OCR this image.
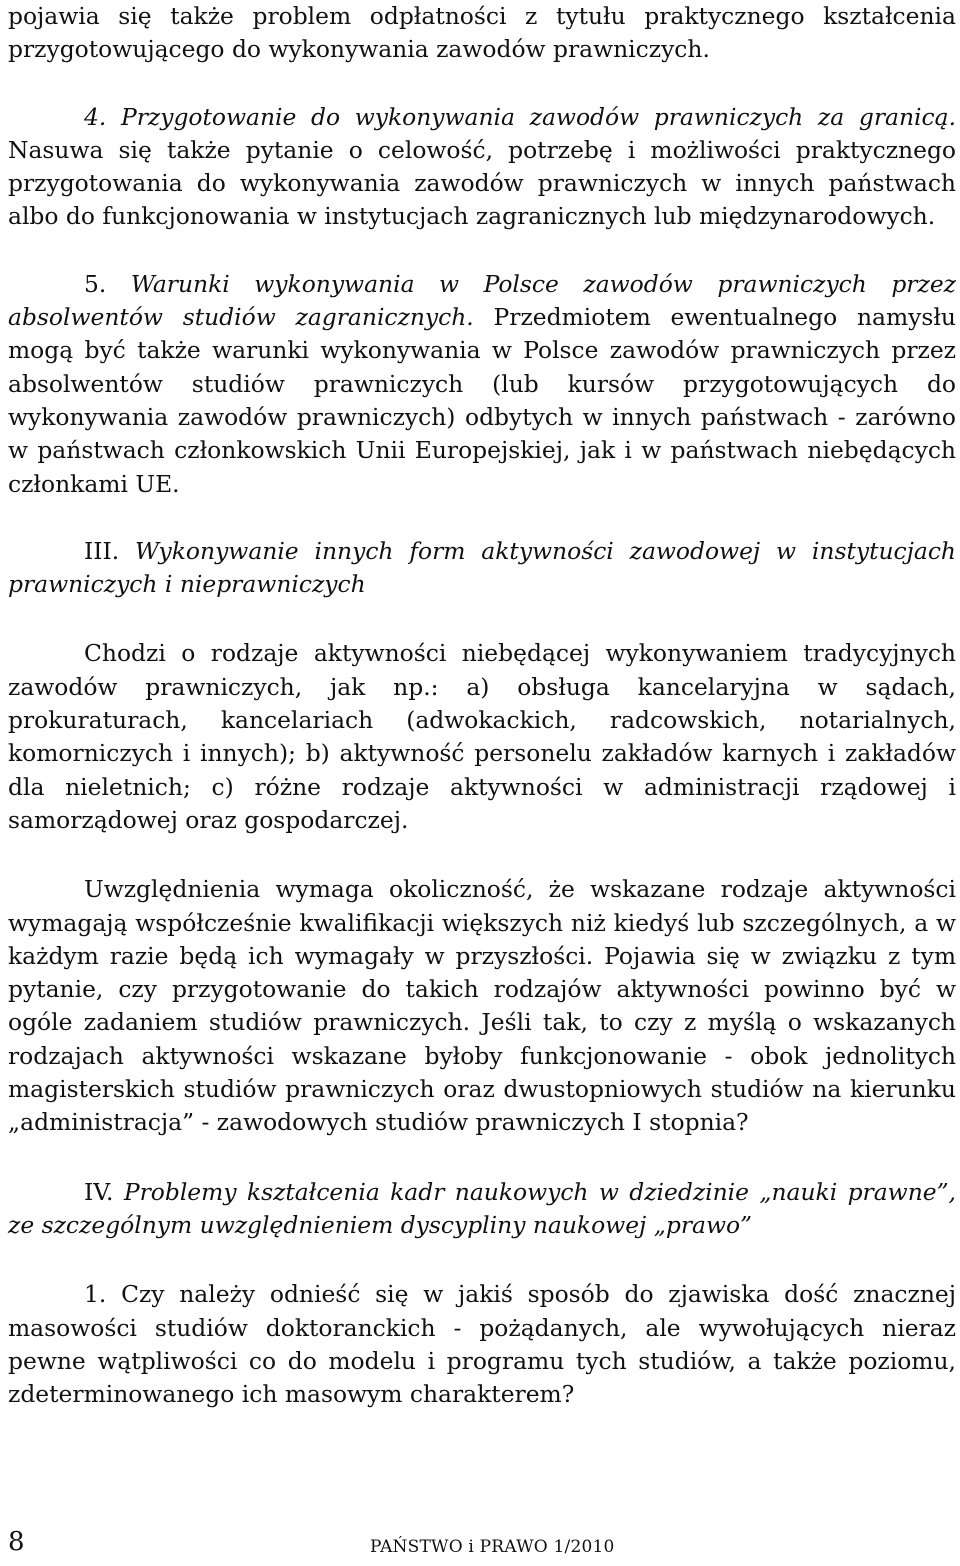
pojawia się także problem odpłatności z tytułu praktycznego kształcenia przygotowującego do wykonywania zawodów prawniczych.

4. Przygotowanie do wykonywania zawodów prawniczych za granicą. Nasuwa się także pytanie o celowość, potrzebę i możliwości praktycznego przygotowania do wykonywania zawodów prawniczych w innych państwach albo do funkcjonowania w instytucjach zagranicznych lub międzynarodowych.

5. Warunki wykonywania w Polsce zawodów prawniczych przez absolwentów studiów zagranicznych. Przedmiotem ewentualnego namysłu mogą być także warunki wykonywania w Polsce zawodów prawniczych przez absolwentów studiów prawniczych (lub kursów przygotowujących do wykonywania zawodów prawniczych) odbytych w innych państwach - zarówno w państwach członkowskich Unii Europejskiej, jak i w państwach niebędących członkami UE.

III. Wykonywanie innych form aktywności zawodowej w instytucjach prawniczych i nieprawniczych

Chodzi o rodzaje aktywności niebędącej wykonywaniem tradycyjnych zawodów prawniczych, jak np.: a) obsługa kancelaryjna w sądach, prokuraturach, kancelariach (adwokackich, radcowskich, notarialnych, komorniczych i innych); b) aktywność personelu zakładów karnych i zakładów dla nieletnich; c) różne rodzaje aktywności w administracji rządowej i samorządowej oraz gospodarczej.

Uwzględnienia wymaga okoliczność, że wskazane rodzaje aktywności wymagają współcześnie kwalifikacji większych niż kiedyś lub szczególnych, a w każdym razie będą ich wymagały w przyszłości. Pojawia się w związku z tym pytanie, czy przygotowanie do takich rodzajów aktywności powinno być w ogóle zadaniem studiów prawniczych. Jeśli tak, to czy z myślą o wskazanych rodzajach aktywności wskazane byłoby funkcjonowanie - obok jednolitych magisterskich studiów prawniczych oraz dwustopniowych studiów na kierunku „administracja” - zawodowych studiów prawniczych I stopnia?

IV. Problemy kształcenia kadr naukowych w dziedzinie „nauki prawne”, ze szczególnym uwzględnieniem dyscypliny naukowej „prawo”

1. Czy należy odnieść się w jakiś sposób do zjawiska dość znacznej masowości studiów doktoranckich - pożądanych, ale wywołujących nieraz pewne wątpliwości co do modelu i programu tych studiów, a także poziomu, zdeterminowanego ich masowym charakterem?

8	PAŃSTWO i PRAWO 1/2010
